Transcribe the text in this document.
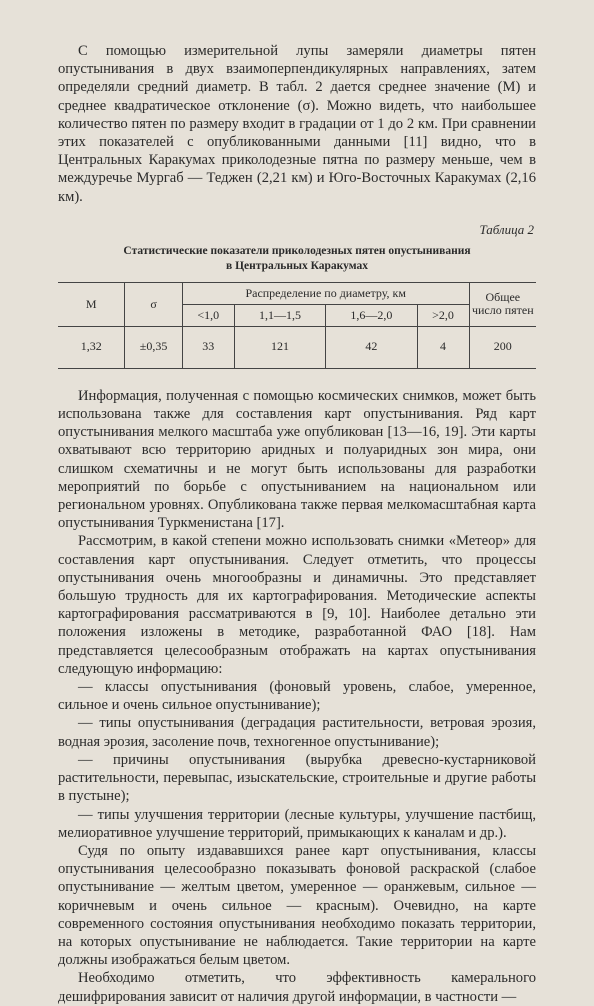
С помощью измерительной лупы замеряли диаметры пятен опустынивания в двух взаимоперпендикулярных направлениях, затем определяли средний диаметр. В табл. 2 дается среднее значение (М) и среднее квадратическое отклонение (σ). Можно видеть, что наибольшее количество пятен по размеру входит в градации от 1 до 2 км. При сравнении этих показателей с опубликованными данными [11] видно, что в Центральных Каракумах приколодезные пятна по размеру меньше, чем в междуречье Мургаб — Теджен (2,21 км) и Юго-Восточных Каракумах (2,16 км).

Таблица 2
Статистические показатели приколодезных пятен опустынивания
в Центральных Каракумах
М	σ	Распределение по диаметру, км				Общее число пятен
		<1,0	1,1—1,5	1,6—2,0	>2,0	
1,32	±0,35	33	121	42	4	200

Информация, полученная с помощью космических снимков, может быть использована также для составления карт опустынивания. Ряд карт опустынивания мелкого масштаба уже опубликован [13—16, 19]. Эти карты охватывают всю территорию аридных и полуаридных зон мира, они слишком схематичны и не могут быть использованы для разработки мероприятий по борьбе с опустыниванием на национальном или региональном уровнях. Опубликована также первая мелкомасштабная карта опустынивания Туркменистана [17].

Рассмотрим, в какой степени можно использовать снимки «Метеор» для составления карт опустынивания. Следует отметить, что процессы опустынивания очень многообразны и динамичны. Это представляет большую трудность для их картографирования. Методические аспекты картографирования рассматриваются в [9, 10]. Наиболее детально эти положения изложены в методике, разработанной ФАО [18]. Нам представляется целесообразным отображать на картах опустынивания следующую информацию:

— классы опустынивания (фоновый уровень, слабое, умеренное, сильное и очень сильное опустынивание);

— типы опустынивания (деградация растительности, ветровая эрозия, водная эрозия, засоление почв, техногенное опустынивание);

— причины опустынивания (вырубка древесно-кустарниковой растительности, перевыпас, изыскательские, строительные и другие работы в пустыне);

— типы улучшения территории (лесные культуры, улучшение пастбищ, мелиоративное улучшение территорий, примыкающих к каналам и др.).

Судя по опыту издававшихся ранее карт опустынивания, классы опустынивания целесообразно показывать фоновой раскраской (слабое опустынивание — желтым цветом, умеренное — оранжевым, сильное — коричневым и очень сильное — красным). Очевидно, на карте современного состояния опустынивания необходимо показать территории, на которых опустынивание не наблюдается. Такие территории на карте должны изображаться белым цветом.

Необходимо отметить, что эффективность камерального дешифрирования зависит от наличия другой информации, в частности —
